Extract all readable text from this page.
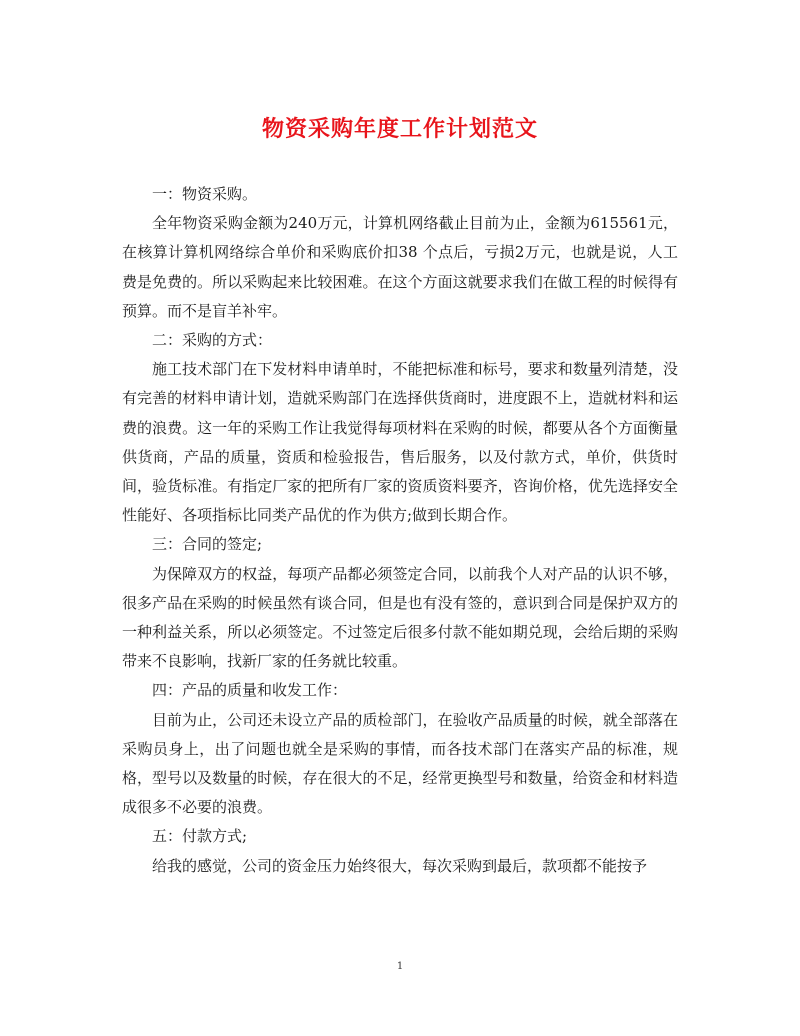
物资采购年度工作计划范文

一：物资采购。

全年物资采购金额为240万元，计算机网络截止目前为止，金额为615561元，在核算计算机网络综合单价和采购底价扣38 个点后，亏损2万元，也就是说，人工费是免费的。所以采购起来比较困难。在这个方面这就要求我们在做工程的时候得有预算。而不是盲羊补牢。

二：采购的方式：

施工技术部门在下发材料申请单时，不能把标准和标号，要求和数量列清楚，没有完善的材料申请计划，造就采购部门在选择供货商时，进度跟不上，造就材料和运费的浪费。这一年的采购工作让我觉得每项材料在采购的时候，都要从各个方面衡量供货商，产品的质量，资质和检验报告，售后服务，以及付款方式，单价，供货时间，验货标准。有指定厂家的把所有厂家的资质资料要齐，咨询价格，优先选择安全性能好、各项指标比同类产品优的作为供方;做到长期合作。

三：合同的签定;

为保障双方的权益，每项产品都必须签定合同，以前我个人对产品的认识不够，很多产品在采购的时候虽然有谈合同，但是也有没有签的，意识到合同是保护双方的一种利益关系，所以必须签定。不过签定后很多付款不能如期兑现，会给后期的采购带来不良影响，找新厂家的任务就比较重。

四：产品的质量和收发工作：

目前为止，公司还未设立产品的质检部门，在验收产品质量的时候，就全部落在采购员身上，出了问题也就全是采购的事情，而各技术部门在落实产品的标准，规格，型号以及数量的时候，存在很大的不足，经常更换型号和数量，给资金和材料造成很多不必要的浪费。

五：付款方式;

给我的感觉，公司的资金压力始终很大，每次采购到最后，款项都不能按予

1
